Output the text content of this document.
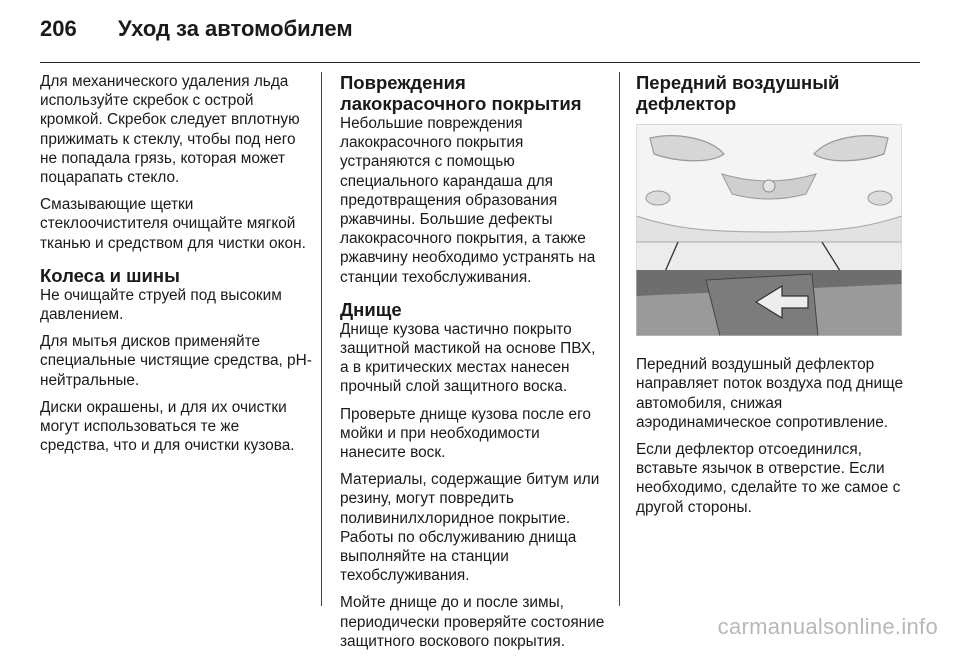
206	Уход за автомобилем

Для механического удаления льда используйте скребок с острой кромкой. Скребок следует вплотную прижимать к стеклу, чтобы под него не попадала грязь, которая может поцарапать стекло.

Смазывающие щетки стеклоочистителя очищайте мягкой тканью и средством для чистки окон.

Колеса и шины

Не очищайте струей под высоким давлением.

Для мытья дисков применяйте специальные чистящие средства, pH-нейтральные.

Диски окрашены, и для их очистки могут использоваться те же средства, что и для очистки кузова.

Повреждения лакокрасочного покрытия

Небольшие повреждения лакокрасочного покрытия устраняются с помощью специального карандаша для предотвращения образования ржавчины. Большие дефекты лакокрасочного покрытия, а также ржавчину необходимо устранять на станции техобслуживания.

Днище

Днище кузова частично покрыто защитной мастикой на основе ПВХ, а в критических местах нанесен прочный слой защитного воска.

Проверьте днище кузова после его мойки и при необходимости нанесите воск.

Материалы, содержащие битум или резину, могут повредить поливинилхлоридное покрытие. Работы по обслуживанию днища выполняйте на станции техобслуживания.

Мойте днище до и после зимы, периодически проверяйте состояние защитного воскового покрытия.

Передний воздушный дефлектор

Передний воздушный дефлектор направляет поток воздуха под днище автомобиля, снижая аэродинамическое сопротивление.

Если дефлектор отсоединился, вставьте язычок в отверстие. Если необходимо, сделайте то же самое с другой стороны.

carmanualsonline.info
